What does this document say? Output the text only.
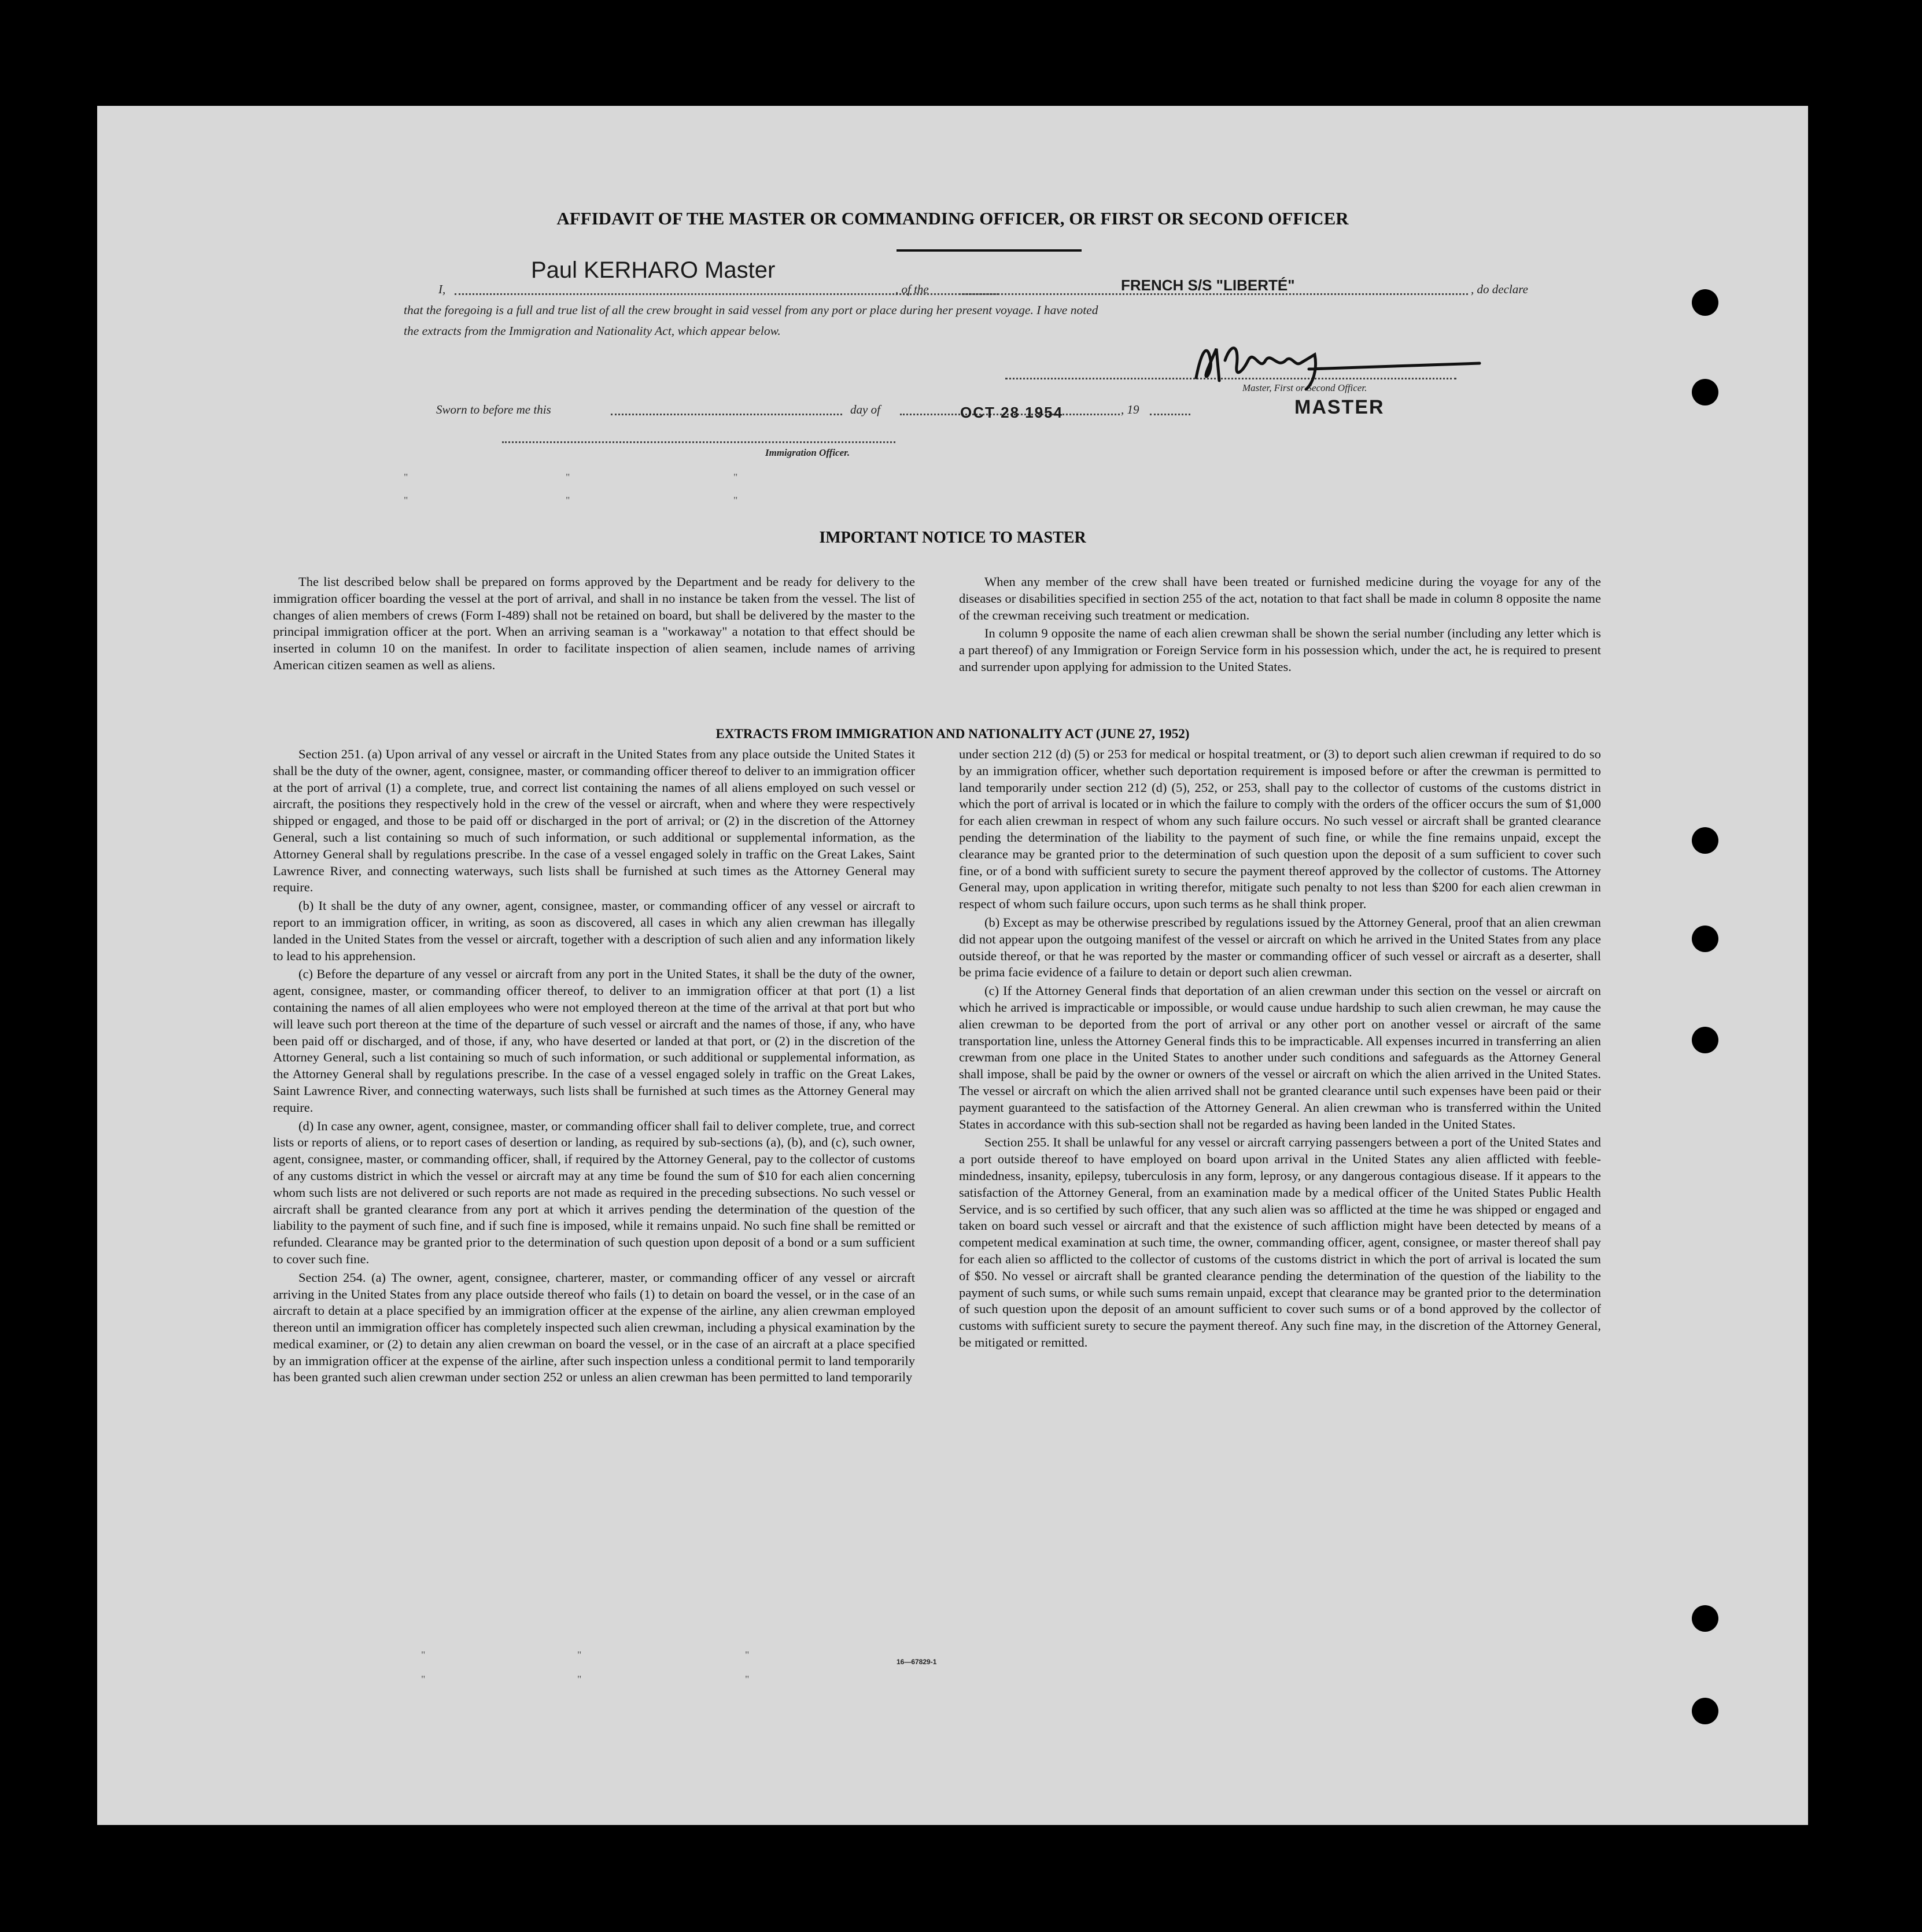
AFFIDAVIT OF THE MASTER OR COMMANDING OFFICER, OR FIRST OR SECOND OFFICER
I,
Paul KERHARO Master
, of the	FRENCH S/S "LIBERTÉ"	, do declare
that the foregoing is a full and true list of all the crew brought in said vessel from any port or place during her present voyage. I have noted
the extracts from the Immigration and Nationality Act, which appear below.
Master, First or Second Officer.
MASTER
Sworn to before me this	day of	OCT 28 1954	, 19
Immigration Officer.
"	"	"
"	"	"
IMPORTANT NOTICE TO MASTER

The list described below shall be prepared on forms approved by the Department and be ready for delivery to the immigration officer boarding the vessel at the port of arrival, and shall in no instance be taken from the vessel. The list of changes of alien members of crews (Form I-489) shall not be retained on board, but shall be delivered by the master to the principal immigration officer at the port. When an arriving seaman is a "workaway" a notation to that effect should be inserted in column 10 on the manifest. In order to facilitate inspection of alien seamen, include names of arriving American citizen seamen as well as aliens.

When any member of the crew shall have been treated or furnished medicine during the voyage for any of the diseases or disabilities specified in section 255 of the act, notation to that fact shall be made in column 8 opposite the name of the crewman receiving such treatment or medication.

In column 9 opposite the name of each alien crewman shall be shown the serial number (including any letter which is a part thereof) of any Immigration or Foreign Service form in his possession which, under the act, he is required to present and surrender upon applying for admission to the United States.

EXTRACTS FROM IMMIGRATION AND NATIONALITY ACT (JUNE 27, 1952)

Section 251. (a) Upon arrival of any vessel or aircraft in the United States from any place outside the United States it shall be the duty of the owner, agent, consignee, master, or commanding officer thereof to deliver to an immigration officer at the port of arrival (1) a complete, true, and correct list containing the names of all aliens employed on such vessel or aircraft, the positions they respectively hold in the crew of the vessel or aircraft, when and where they were respectively shipped or engaged, and those to be paid off or discharged in the port of arrival; or (2) in the discretion of the Attorney General, such a list containing so much of such information, or such additional or supplemental information, as the Attorney General shall by regulations prescribe. In the case of a vessel engaged solely in traffic on the Great Lakes, Saint Lawrence River, and connecting waterways, such lists shall be furnished at such times as the Attorney General may require.

(b) It shall be the duty of any owner, agent, consignee, master, or commanding officer of any vessel or aircraft to report to an immigration officer, in writing, as soon as discovered, all cases in which any alien crewman has illegally landed in the United States from the vessel or aircraft, together with a description of such alien and any information likely to lead to his apprehension.

(c) Before the departure of any vessel or aircraft from any port in the United States, it shall be the duty of the owner, agent, consignee, master, or commanding officer thereof, to deliver to an immigration officer at that port (1) a list containing the names of all alien employees who were not employed thereon at the time of the arrival at that port but who will leave such port thereon at the time of the departure of such vessel or aircraft and the names of those, if any, who have been paid off or discharged, and of those, if any, who have deserted or landed at that port, or (2) in the discretion of the Attorney General, such a list containing so much of such information, or such additional or supplemental information, as the Attorney General shall by regulations prescribe. In the case of a vessel engaged solely in traffic on the Great Lakes, Saint Lawrence River, and connecting waterways, such lists shall be furnished at such times as the Attorney General may require.

(d) In case any owner, agent, consignee, master, or commanding officer shall fail to deliver complete, true, and correct lists or reports of aliens, or to report cases of desertion or landing, as required by sub-sections (a), (b), and (c), such owner, agent, consignee, master, or commanding officer, shall, if required by the Attorney General, pay to the collector of customs of any customs district in which the vessel or aircraft may at any time be found the sum of $10 for each alien concerning whom such lists are not delivered or such reports are not made as required in the preceding subsections. No such vessel or aircraft shall be granted clearance from any port at which it arrives pending the determination of the question of the liability to the payment of such fine, and if such fine is imposed, while it remains unpaid. No such fine shall be remitted or refunded. Clearance may be granted prior to the determination of such question upon deposit of a bond or a sum sufficient to cover such fine.

Section 254. (a) The owner, agent, consignee, charterer, master, or commanding officer of any vessel or aircraft arriving in the United States from any place outside thereof who fails (1) to detain on board the vessel, or in the case of an aircraft to detain at a place specified by an immigration officer at the expense of the airline, any alien crewman employed thereon until an immigration officer has completely inspected such alien crewman, including a physical examination by the medical examiner, or (2) to detain any alien crewman on board the vessel, or in the case of an aircraft at a place specified by an immigration officer at the expense of the airline, after such inspection unless a conditional permit to land temporarily has been granted such alien crewman under section 252 or unless an alien crewman has been permitted to land temporarily

under section 212 (d) (5) or 253 for medical or hospital treatment, or (3) to deport such alien crewman if required to do so by an immigration officer, whether such deportation requirement is imposed before or after the crewman is permitted to land temporarily under section 212 (d) (5), 252, or 253, shall pay to the collector of customs of the customs district in which the port of arrival is located or in which the failure to comply with the orders of the officer occurs the sum of $1,000 for each alien crewman in respect of whom any such failure occurs. No such vessel or aircraft shall be granted clearance pending the determination of the liability to the payment of such fine, or while the fine remains unpaid, except the clearance may be granted prior to the determination of such question upon the deposit of a sum sufficient to cover such fine, or of a bond with sufficient surety to secure the payment thereof approved by the collector of customs. The Attorney General may, upon application in writing therefor, mitigate such penalty to not less than $200 for each alien crewman in respect of whom such failure occurs, upon such terms as he shall think proper.

(b) Except as may be otherwise prescribed by regulations issued by the Attorney General, proof that an alien crewman did not appear upon the outgoing manifest of the vessel or aircraft on which he arrived in the United States from any place outside thereof, or that he was reported by the master or commanding officer of such vessel or aircraft as a deserter, shall be prima facie evidence of a failure to detain or deport such alien crewman.

(c) If the Attorney General finds that deportation of an alien crewman under this section on the vessel or aircraft on which he arrived is impracticable or impossible, or would cause undue hardship to such alien crewman, he may cause the alien crewman to be deported from the port of arrival or any other port on another vessel or aircraft of the same transportation line, unless the Attorney General finds this to be impracticable. All expenses incurred in transferring an alien crewman from one place in the United States to another under such conditions and safeguards as the Attorney General shall impose, shall be paid by the owner or owners of the vessel or aircraft on which the alien arrived in the United States. The vessel or aircraft on which the alien arrived shall not be granted clearance until such expenses have been paid or their payment guaranteed to the satisfaction of the Attorney General. An alien crewman who is transferred within the United States in accordance with this sub-section shall not be regarded as having been landed in the United States.

Section 255. It shall be unlawful for any vessel or aircraft carrying passengers between a port of the United States and a port outside thereof to have employed on board upon arrival in the United States any alien afflicted with feeble-mindedness, insanity, epilepsy, tuberculosis in any form, leprosy, or any dangerous contagious disease. If it appears to the satisfaction of the Attorney General, from an examination made by a medical officer of the United States Public Health Service, and is so certified by such officer, that any such alien was so afflicted at the time he was shipped or engaged and taken on board such vessel or aircraft and that the existence of such affliction might have been detected by means of a competent medical examination at such time, the owner, commanding officer, agent, consignee, or master thereof shall pay for each alien so afflicted to the collector of customs of the customs district in which the port of arrival is located the sum of $50. No vessel or aircraft shall be granted clearance pending the determination of the question of the liability to the payment of such sums, or while such sums remain unpaid, except that clearance may be granted prior to the determination of such question upon the deposit of an amount sufficient to cover such sums or of a bond approved by the collector of customs with sufficient surety to secure the payment thereof. Any such fine may, in the discretion of the Attorney General, be mitigated or remitted.

"	"	"
"	"	"
16—67829-1
